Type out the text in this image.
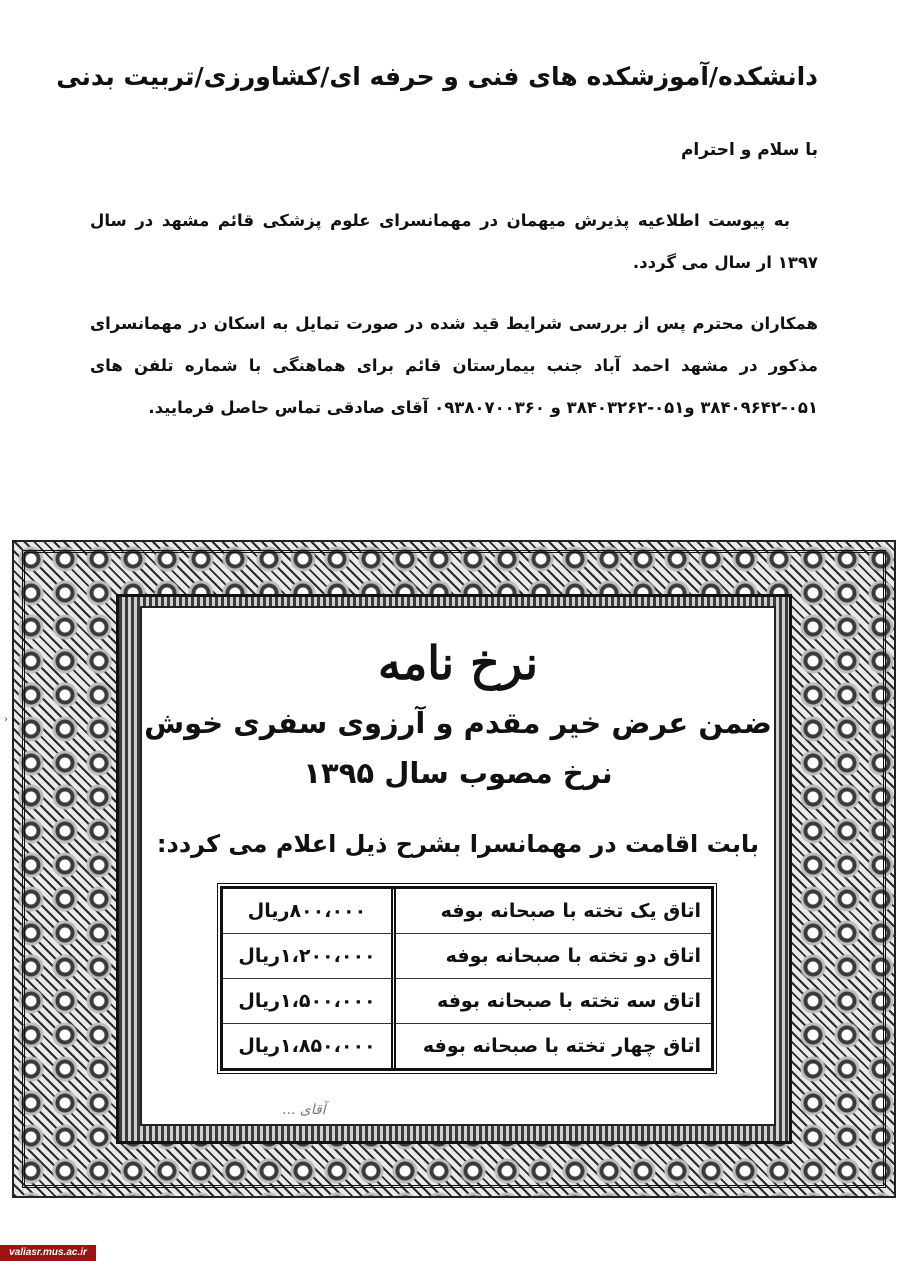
دانشکده/آموزشکده های فنی و حرفه ای/کشاورزی/تربیت بدنی

با سلام و احترام

به پیوست اطلاعیه پذیرش میهمان در مهمانسرای علوم پزشکی قائم مشهد در سال ۱۳۹۷ ار سال می گردد.

همکاران محترم پس از بررسی شرایط قید شده در صورت تمایل به اسکان در مهمانسرای مذکور در مشهد احمد آباد جنب بیمارستان قائم برای هماهنگی با شماره تلفن های ۰۵۱-۳۸۴۰۹۶۴۲ و۰۵۱-۳۸۴۰۳۲۶۲ و ۰۹۳۸۰۷۰۰۳۶۰ آقای صادقی تماس حاصل فرمایید.

›
نرخ نامه

ضمن عرض خیر مقدم و آرزوی سفری خوش

نرخ مصوب سال ۱۳۹۵

بابت اقامت در مهمانسرا بشرح ذیل اعلام می کردد:

اتاق یک تخته با صبحانه بوفه	۸۰۰،۰۰۰ریال
اتاق دو تخته با صبحانه بوفه	۱،۲۰۰،۰۰۰ریال
اتاق سه تخته با صبحانه بوفه	۱،۵۰۰،۰۰۰ریال
اتاق چهار تخته با صبحانه بوفه	۱،۸۵۰،۰۰۰ریال

آقای ...

valiasr.mus.ac.ir
